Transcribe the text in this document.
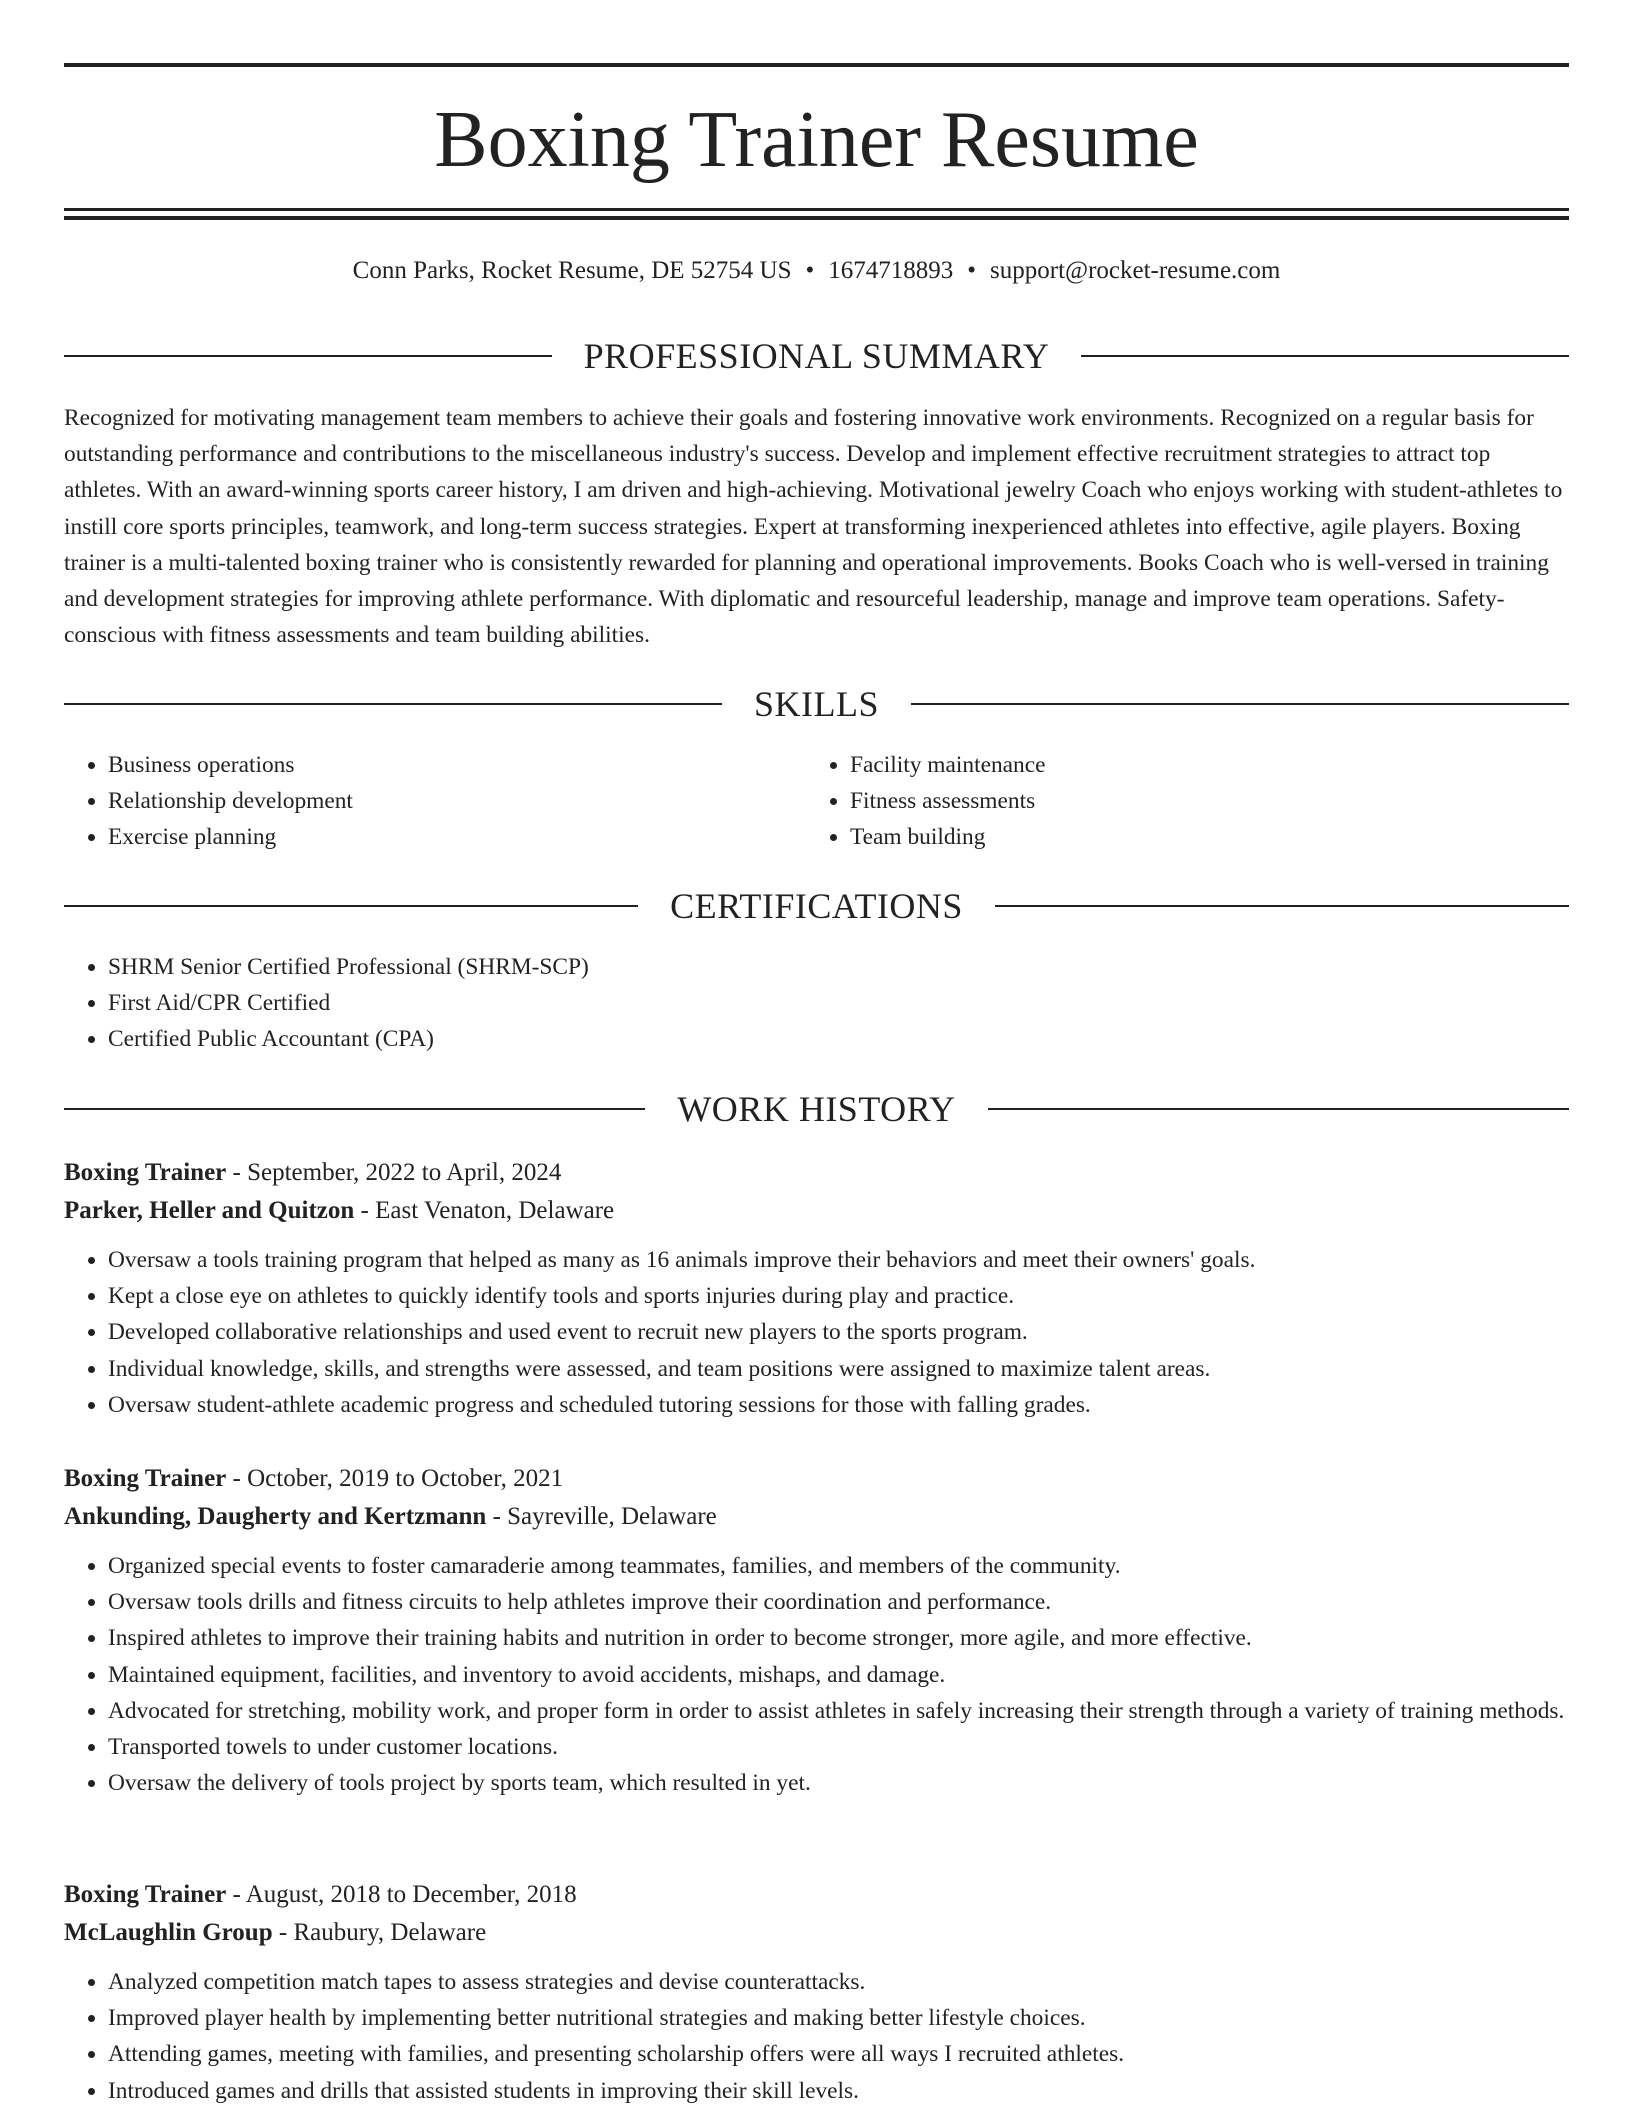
Boxing Trainer Resume
Conn Parks, Rocket Resume, DE 52754 US • 1674718893 • support@rocket-resume.com
PROFESSIONAL SUMMARY

Recognized for motivating management team members to achieve their goals and fostering innovative work environments. Recognized on a regular basis for outstanding performance and contributions to the miscellaneous industry's success. Develop and implement effective recruitment strategies to attract top athletes. With an award-winning sports career history, I am driven and high-achieving. Motivational jewelry Coach who enjoys working with student-athletes to instill core sports principles, teamwork, and long-term success strategies. Expert at transforming inexperienced athletes into effective, agile players. Boxing trainer is a multi-talented boxing trainer who is consistently rewarded for planning and operational improvements. Books Coach who is well-versed in training and development strategies for improving athlete performance. With diplomatic and resourceful leadership, manage and improve team operations. Safety-conscious with fitness assessments and team building abilities.

SKILLS
• Business operations
• Relationship development
• Exercise planning
• Facility maintenance
• Fitness assessments
• Team building
CERTIFICATIONS
• SHRM Senior Certified Professional (SHRM-SCP)
• First Aid/CPR Certified
• Certified Public Accountant (CPA)
WORK HISTORY
Boxing Trainer - September, 2022 to April, 2024
Parker, Heller and Quitzon - East Venaton, Delaware
• Oversaw a tools training program that helped as many as 16 animals improve their behaviors and meet their owners' goals.
• Kept a close eye on athletes to quickly identify tools and sports injuries during play and practice.
• Developed collaborative relationships and used event to recruit new players to the sports program.
• Individual knowledge, skills, and strengths were assessed, and team positions were assigned to maximize talent areas.
• Oversaw student-athlete academic progress and scheduled tutoring sessions for those with falling grades.
Boxing Trainer - October, 2019 to October, 2021
Ankunding, Daugherty and Kertzmann - Sayreville, Delaware
• Organized special events to foster camaraderie among teammates, families, and members of the community.
• Oversaw tools drills and fitness circuits to help athletes improve their coordination and performance.
• Inspired athletes to improve their training habits and nutrition in order to become stronger, more agile, and more effective.
• Maintained equipment, facilities, and inventory to avoid accidents, mishaps, and damage.
• Advocated for stretching, mobility work, and proper form in order to assist athletes in safely increasing their strength through a variety of training methods.
• Transported towels to under customer locations.
• Oversaw the delivery of tools project by sports team, which resulted in yet.
Boxing Trainer - August, 2018 to December, 2018
McLaughlin Group - Raubury, Delaware
• Analyzed competition match tapes to assess strategies and devise counterattacks.
• Improved player health by implementing better nutritional strategies and making better lifestyle choices.
• Attending games, meeting with families, and presenting scholarship offers were all ways I recruited athletes.
• Introduced games and drills that assisted students in improving their skill levels.
